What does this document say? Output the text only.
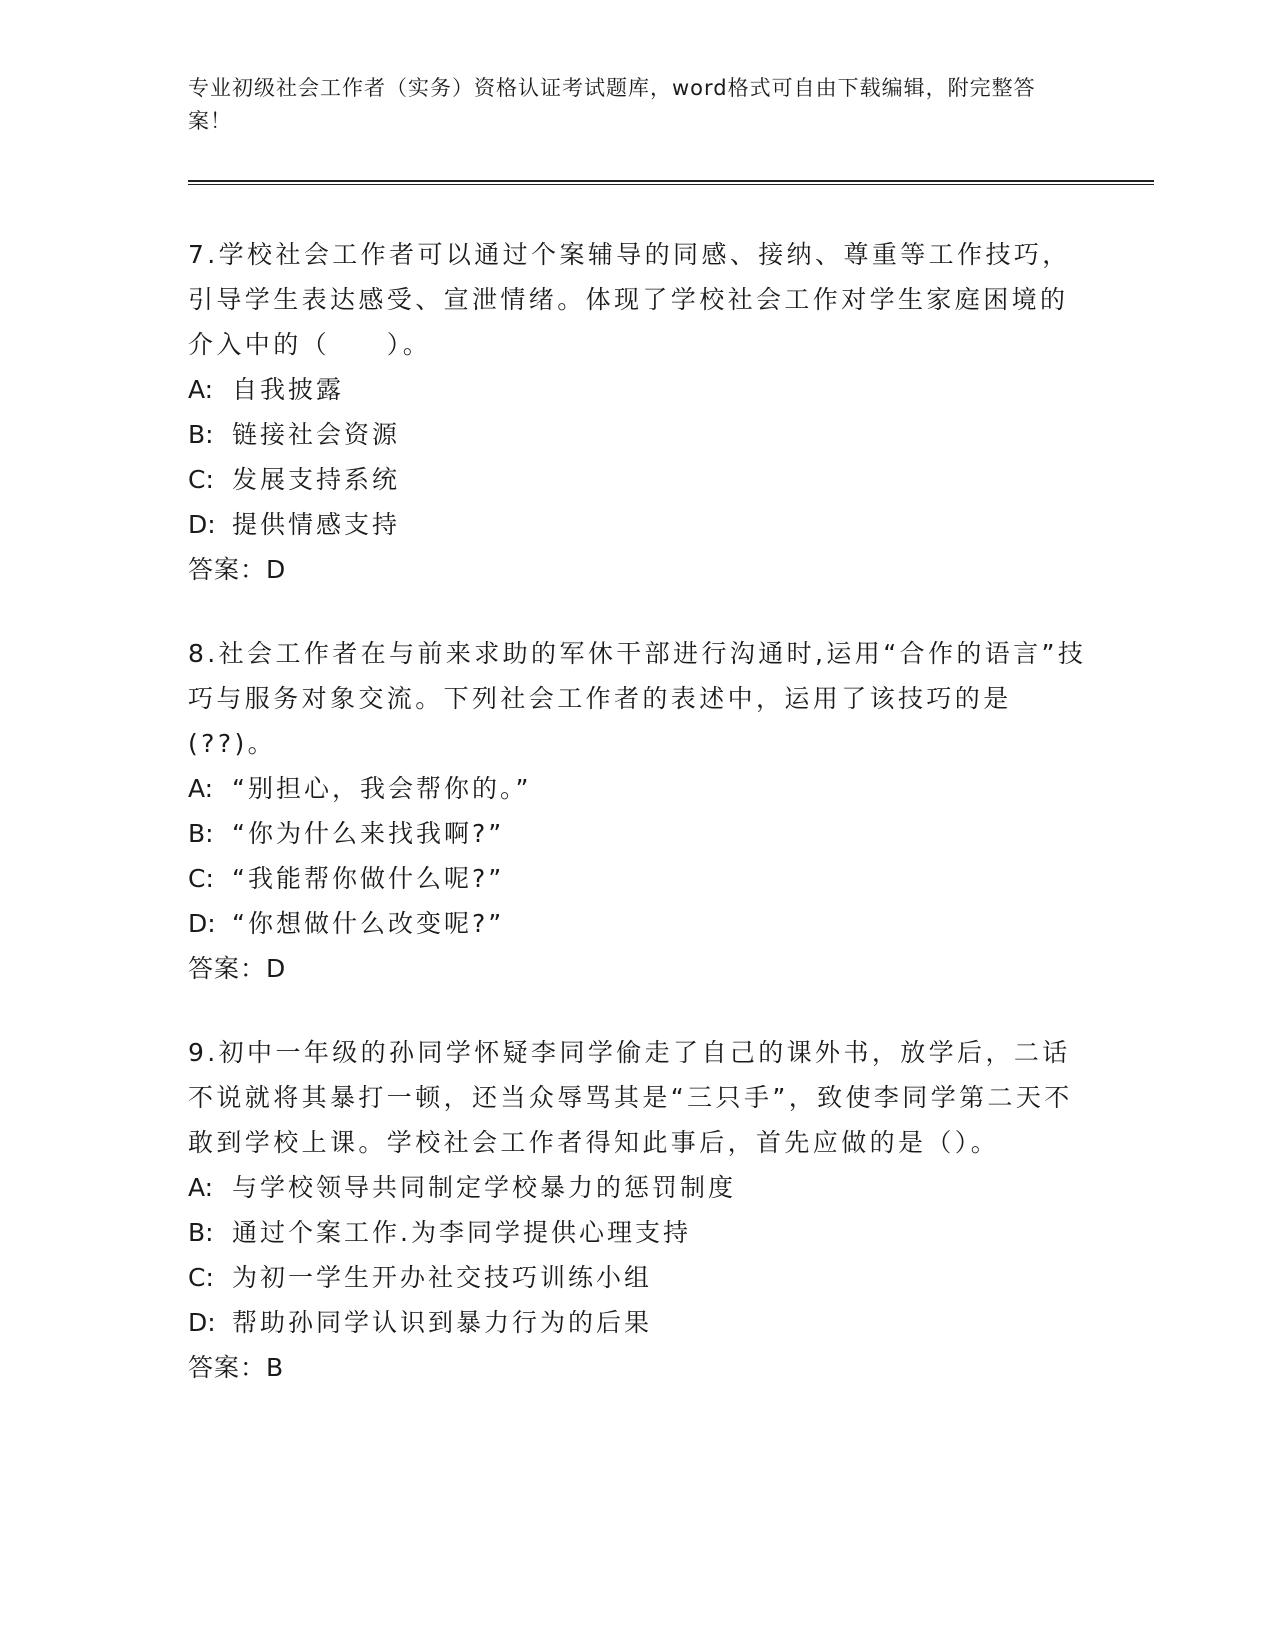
专业初级社会工作者（实务）资格认证考试题库，word格式可自由下载编辑，附完整答案！
7.学校社会工作者可以通过个案辅导的同感、接纳、尊重等工作技巧，引导学生表达感受、宣泄情绪。体现了学校社会工作对学生家庭困境的介入中的（　　）。
A: 自我披露
B: 链接社会资源
C: 发展支持系统
D: 提供情感支持
答案：D
8.社会工作者在与前来求助的军休干部进行沟通时,运用“合作的语言”技巧与服务对象交流。下列社会工作者的表述中，运用了该技巧的是(??)。
A: “别担心，我会帮你的。”
B: “你为什么来找我啊?”
C: “我能帮你做什么呢?”
D: “你想做什么改变呢?”
答案：D
9.初中一年级的孙同学怀疑李同学偷走了自己的课外书，放学后，二话不说就将其暴打一顿，还当众辱骂其是“三只手”，致使李同学第二天不敢到学校上课。学校社会工作者得知此事后，首先应做的是（）。
A: 与学校领导共同制定学校暴力的惩罚制度
B: 通过个案工作.为李同学提供心理支持
C: 为初一学生开办社交技巧训练小组
D: 帮助孙同学认识到暴力行为的后果
答案：B
